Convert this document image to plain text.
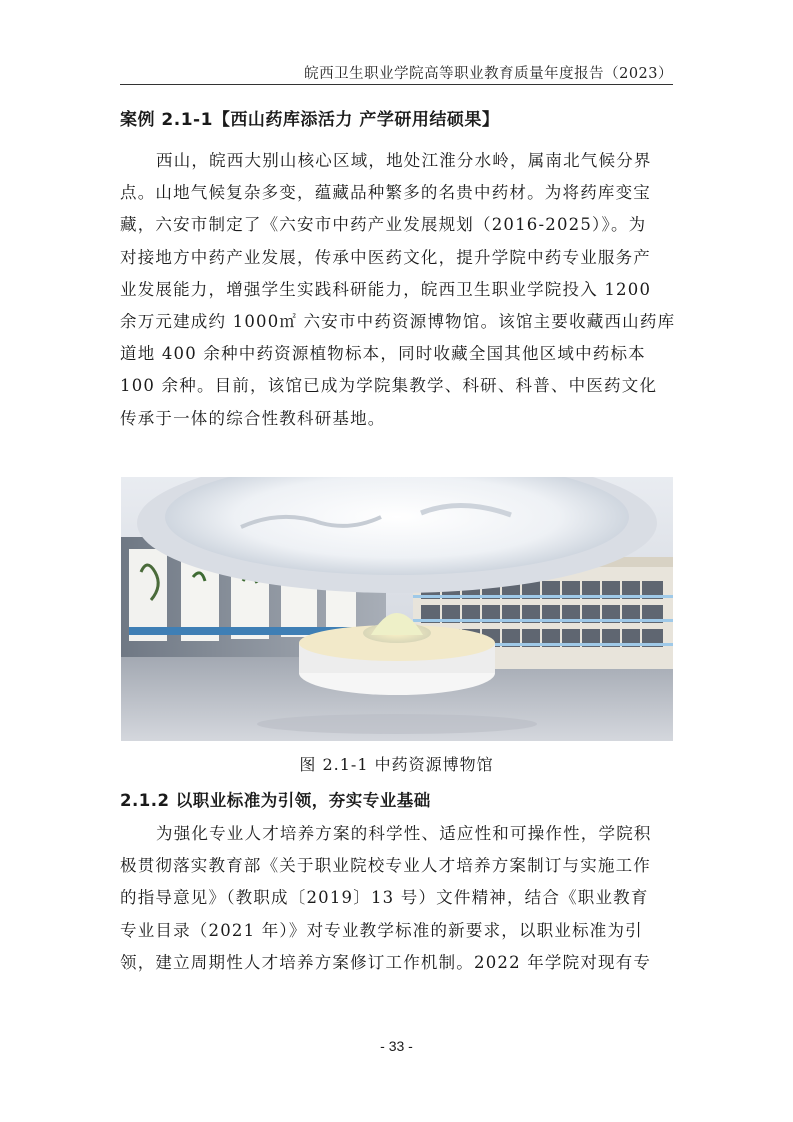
皖西卫生职业学院高等职业教育质量年度报告（2023）
案例 2.1-1【西山药库添活力 产学研用结硕果】
西山，皖西大别山核心区域，地处江淮分水岭，属南北气候分界
点。山地气候复杂多变，蕴藏品种繁多的名贵中药材。为将药库变宝
藏，六安市制定了《六安市中药产业发展规划（2016-2025）》。为
对接地方中药产业发展，传承中医药文化，提升学院中药专业服务产
业发展能力，增强学生实践科研能力，皖西卫生职业学院投入 1200
余万元建成约 1000㎡ 六安市中药资源博物馆。该馆主要收藏西山药库
道地 400 余种中药资源植物标本，同时收藏全国其他区域中药标本
100 余种。目前，该馆已成为学院集教学、科研、科普、中医药文化
传承于一体的综合性教科研基地。
图 2.1-1 中药资源博物馆
2.1.2 以职业标准为引领，夯实专业基础
为强化专业人才培养方案的科学性、适应性和可操作性，学院积
极贯彻落实教育部《关于职业院校专业人才培养方案制订与实施工作
的指导意见》（教职成〔2019〕13 号）文件精神，结合《职业教育
专业目录（2021 年）》对专业教学标准的新要求，以职业标准为引
领，建立周期性人才培养方案修订工作机制。2022 年学院对现有专
- 33 -
